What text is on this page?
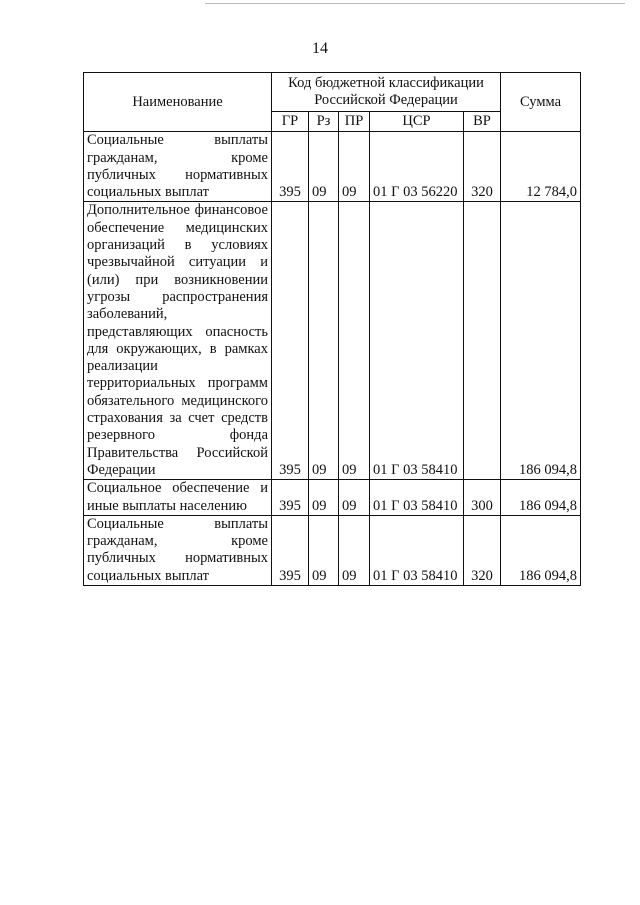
14
Наименование	Код бюджетной классификации Российской Федерации					Сумма
	ГР	Рз	ПР	ЦСР	ВР	
Социальные выплаты гражданам, кроме публичных нормативных социальных выплат	395	09	09	01 Г 03 56220	320	12 784,0
Дополнительное финансовое обеспечение медицинских организаций в условиях чрезвычайной ситуации и (или) при возникновении угрозы распространения заболеваний, представляющих опасность для окружающих, в рамках реализации территориальных программ обязательного медицинского страхования за счет средств резервного фонда Правительства Российской Федерации	395	09	09	01 Г 03 58410		186 094,8
Социальное обеспечение и иные выплаты населению	395	09	09	01 Г 03 58410	300	186 094,8
Социальные выплаты гражданам, кроме публичных нормативных социальных выплат	395	09	09	01 Г 03 58410	320	186 094,8
